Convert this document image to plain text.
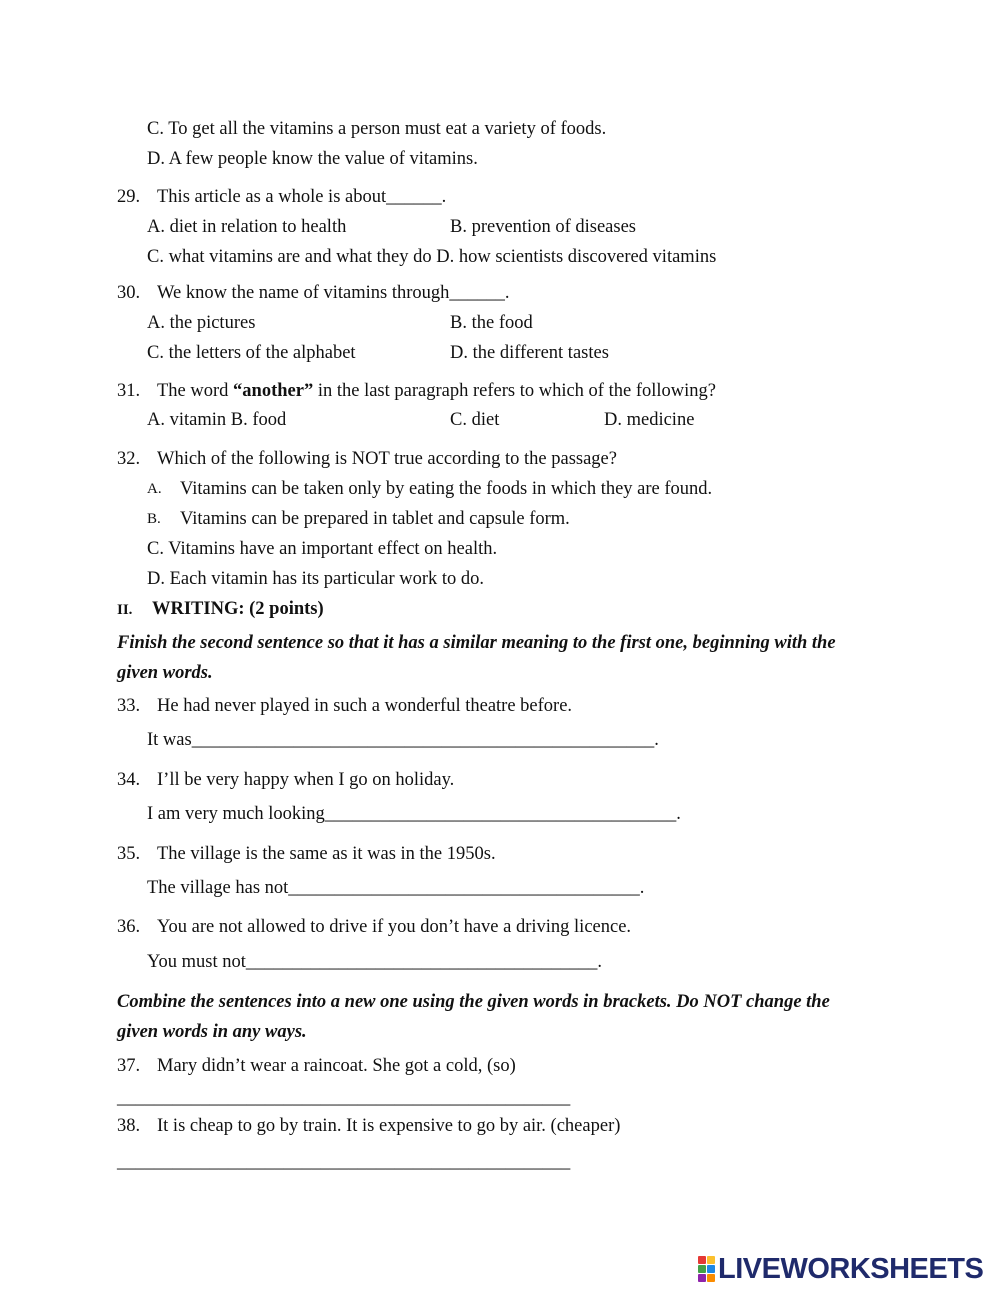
C. To get all the vitamins a person must eat a variety of foods.
D. A few people know the value of vitamins.
29. This article as a whole is about______.
A. diet in relation to health	B. prevention of diseases
C. what vitamins are and what they do D. how scientists discovered vitamins
30. We know the name of vitamins through______.
A. the pictures	B. the food
C. the letters of the alphabet	D. the different tastes
31. The word “another” in the last paragraph refers to which of the following?
A. vitamin B. food	C. diet	D. medicine
32. Which of the following is NOT true according to the passage?
A. Vitamins can be taken only by eating the foods in which they are found.
B. Vitamins can be prepared in tablet and capsule form.
C. Vitamins have an important effect on health.
D. Each vitamin has its particular work to do.
II. WRITING: (2 points)
Finish the second sentence so that it has a similar meaning to the first one, beginning with the
given words.
33. He had never played in such a wonderful theatre before.
It was__________________________________________________.
34. I’ll be very happy when I go on holiday.
I am very much looking______________________________________.
35. The village is the same as it was in the 1950s.
The village has not______________________________________.
36. You are not allowed to drive if you don’t have a driving licence.
You must not______________________________________.
Combine the sentences into a new one using the given words in brackets. Do NOT change the
given words in any ways.
37. Mary didn’t wear a raincoat. She got a cold, (so)
_________________________________________________
38. It is cheap to go by train. It is expensive to go by air. (cheaper)
_________________________________________________
LIVEWORKSHEETS
